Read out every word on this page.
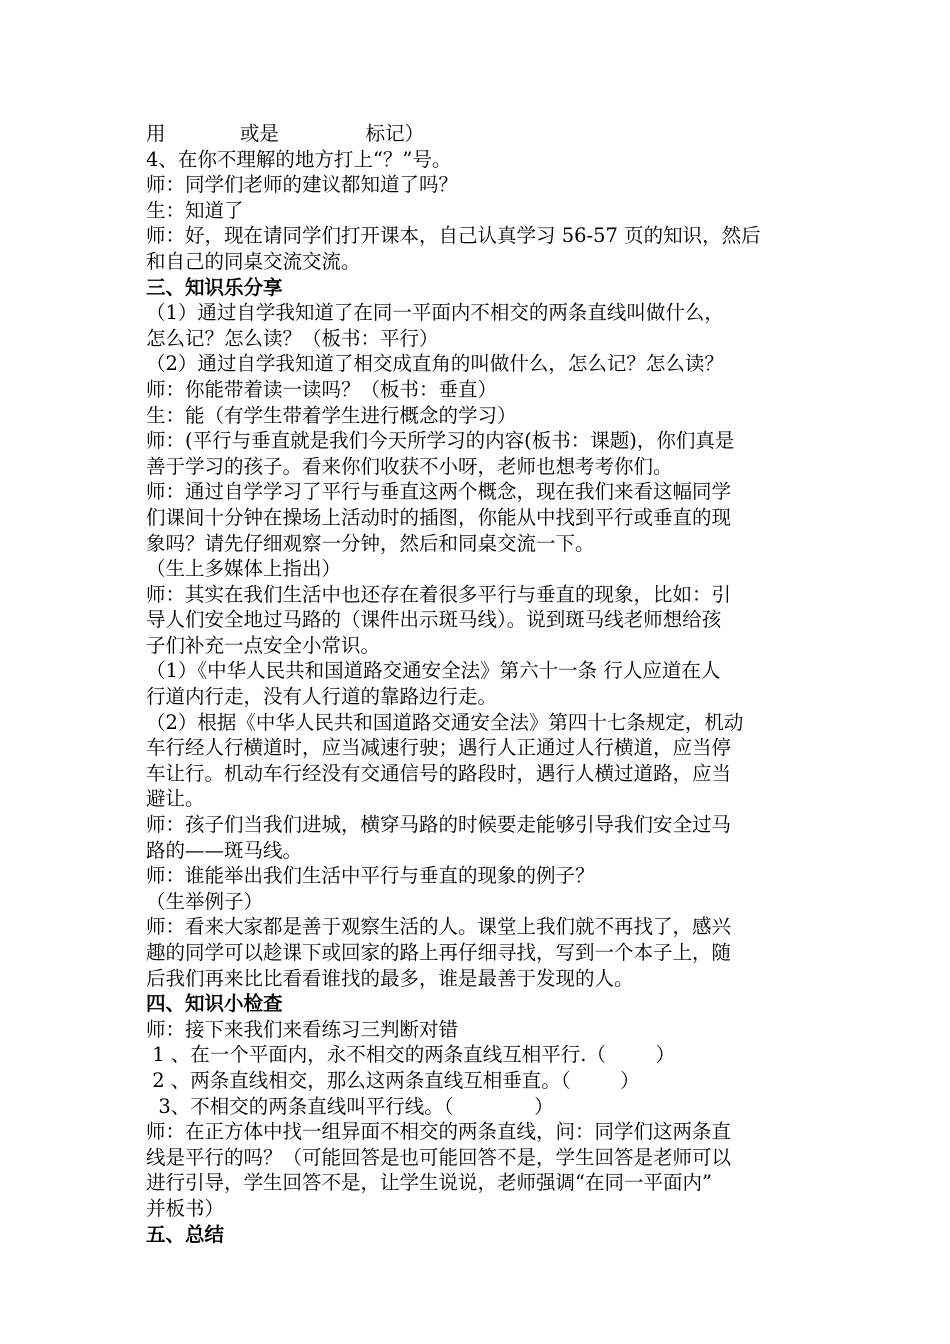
用            或是              标记）
4、在你不理解的地方打上“？”号。
师：同学们老师的建议都知道了吗？
生：知道了
师：好，现在请同学们打开课本，自己认真学习 56-57 页的知识，然后
和自己的同桌交流交流。
三、知识乐分享
（1）通过自学我知道了在同一平面内不相交的两条直线叫做什么，
怎么记？怎么读？（板书：平行）
（2）通过自学我知道了相交成直角的叫做什么，怎么记？怎么读？
师：你能带着读一读吗？（板书：垂直）
生：能（有学生带着学生进行概念的学习）
师：(平行与垂直就是我们今天所学习的内容(板书：课题)，你们真是
善于学习的孩子。看来你们收获不小呀，老师也想考考你们。
师：通过自学学习了平行与垂直这两个概念，现在我们来看这幅同学
们课间十分钟在操场上活动时的插图，你能从中找到平行或垂直的现
象吗？请先仔细观察一分钟，然后和同桌交流一下。
（生上多媒体上指出）
师：其实在我们生活中也还存在着很多平行与垂直的现象，比如：引
导人们安全地过马路的（课件出示斑马线）。说到斑马线老师想给孩
子们补充一点安全小常识。
（1）《中华人民共和国道路交通安全法》第六十一条 行人应道在人
行道内行走，没有人行道的靠路边行走。
（2）根据《中华人民共和国道路交通安全法》第四十七条规定，机动
车行经人行横道时，应当减速行驶；遇行人正通过人行横道，应当停
车让行。机动车行经没有交通信号的路段时，遇行人横过道路，应当
避让。
师：孩子们当我们进城，横穿马路的时候要走能够引导我们安全过马
路的——斑马线。
师：谁能举出我们生活中平行与垂直的现象的例子？
（生举例子）
师：看来大家都是善于观察生活的人。课堂上我们就不再找了，感兴
趣的同学可以趁课下或回家的路上再仔细寻找，写到一个本子上，随
后我们再来比比看看谁找的最多，谁是最善于发现的人。
四、知识小检查
师：接下来我们来看练习三判断对错
1 、在一个平面内，永不相交的两条直线互相平行.（        ）
2 、两条直线相交，那么这两条直线互相垂直。（        ）
3、不相交的两条直线叫平行线。（             ）
师：在正方体中找一组异面不相交的两条直线，问：同学们这两条直
线是平行的吗？（可能回答是也可能回答不是，学生回答是老师可以
进行引导，学生回答不是，让学生说说，老师强调“在同一平面内”
并板书）
五、总结
